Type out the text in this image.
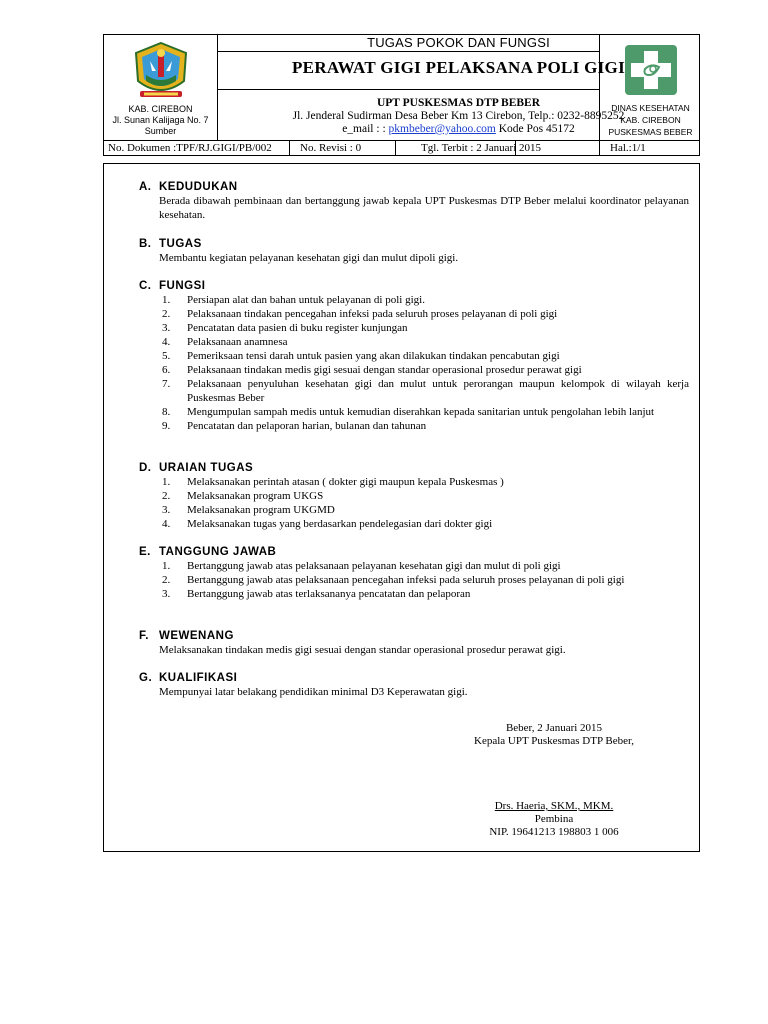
KAB. CIREBON
Jl. Sunan Kalijaga No. 7
Sumber
TUGAS POKOK DAN FUNGSI
PERAWAT GIGI PELAKSANA POLI GIGI
UPT PUSKESMAS DTP BEBER
Jl. Jenderal Sudirman Desa Beber Km 13 Cirebon, Telp.: 0232-8895252
e_mail : : pkmbeber@yahoo.com Kode Pos 45172
DINAS KESEHATAN
KAB. CIREBON
PUSKESMAS BEBER
No. Dokumen :TPF/RJ.GIGI/PB/002	No. Revisi : 0	Tgl. Terbit : 2 Januari 2015	Hal.:1/1
A. KEDUDUKAN
Berada dibawah pembinaan dan bertanggung jawab kepala UPT Puskesmas DTP Beber melalui koordinator pelayanan kesehatan.
B. TUGAS
Membantu kegiatan pelayanan kesehatan gigi dan mulut dipoli gigi.
C. FUNGSI
1. Persiapan alat dan bahan untuk pelayanan di poli gigi.
2. Pelaksanaan tindakan pencegahan infeksi pada seluruh proses pelayanan di poli gigi
3. Pencatatan data pasien di buku register kunjungan
4. Pelaksanaan anamnesa
5. Pemeriksaan tensi darah untuk pasien yang akan dilakukan tindakan pencabutan gigi
6. Pelaksanaan tindakan medis gigi sesuai dengan standar operasional prosedur perawat gigi
7. Pelaksanaan penyuluhan kesehatan gigi dan mulut untuk perorangan maupun kelompok di wilayah kerja Puskesmas Beber
8. Mengumpulan sampah medis untuk kemudian diserahkan kepada sanitarian untuk pengolahan lebih lanjut
9. Pencatatan dan pelaporan harian, bulanan dan tahunan
D. URAIAN TUGAS
1. Melaksanakan perintah atasan ( dokter gigi maupun kepala Puskesmas )
2. Melaksanakan program UKGS
3. Melaksanakan program UKGMD
4. Melaksanakan tugas yang berdasarkan pendelegasian dari dokter gigi
E. TANGGUNG JAWAB
1. Bertanggung jawab atas pelaksanaan pelayanan kesehatan gigi dan mulut di poli gigi
2. Bertanggung jawab atas pelaksanaan pencegahan infeksi pada seluruh proses pelayanan di poli gigi
3. Bertanggung jawab atas terlaksananya pencatatan dan pelaporan
F. WEWENANG
Melaksanakan tindakan medis gigi sesuai dengan standar operasional prosedur perawat gigi.
G. KUALIFIKASI
Mempunyai latar belakang pendidikan minimal D3 Keperawatan gigi.
Beber, 2 Januari 2015
Kepala UPT Puskesmas DTP Beber,
Drs. Haeria, SKM., MKM.
Pembina
NIP. 19641213 198803 1 006
